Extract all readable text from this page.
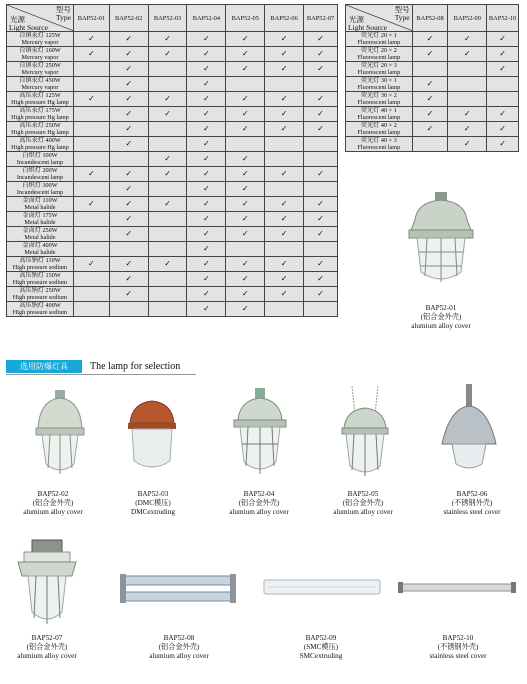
型号
Type
光源
Light Source	BAP52-01	BAP52-02	BAP52-03	BAP52-04	BAP52-05	BAP52-06	BAP52-07

自镇汞灯 125W
Mercury vapor	✓	✓	✓	✓	✓	✓	✓

自镇汞灯 160W
Mercury vapor	✓	✓	✓	✓	✓	✓	✓

自镇汞灯 250W
Mercury vapor		✓		✓	✓	✓	✓

自镇汞灯 450W
Mercury vapor		✓		✓			

高压汞灯 125W
High pressure Hg lamp	✓	✓	✓	✓	✓	✓	✓

高压汞灯 175W
High pressure Hg lamp		✓	✓	✓	✓	✓	✓

高压汞灯 250W
High pressure Hg lamp		✓		✓	✓	✓	✓

高压汞灯 400W
High pressure Hg lamp		✓		✓			

白炽灯 100W
Incandescent lamp			✓	✓	✓		

白炽灯 200W
Incandescent lamp	✓	✓	✓	✓	✓	✓	✓

白炽灯 300W
Incandescent lamp		✓		✓	✓		

金卤灯 110W
Metal halide	✓	✓	✓	✓	✓	✓	✓

金卤灯 175W
Metal halide		✓		✓	✓	✓	✓

金卤灯 250W
Metal halide		✓		✓	✓	✓	✓

金卤灯 400W
Metal halide				✓			

高压钠灯 110W
High pressure sodium	✓	✓	✓	✓	✓	✓	✓

高压钠灯 150W
High pressure sodium		✓		✓	✓	✓	✓

高压钠灯 250W
High pressure sodium		✓		✓	✓	✓	✓

高压钠灯 400W
High pressure sodium				✓	✓		
型号
Type
光源
Light Source	BAP52-08	BAP52-09	BAP52-10

荧光灯 20 × 1
Fluorescent lamp	✓	✓	✓

荧光灯 20 × 2
Fluorescent lamp	✓	✓	✓

荧光灯 20 × 3
Fluorescent lamp			✓

荧光灯 30 × 1
Fluorescent lamp	✓		

荧光灯 30 × 2
Fluorescent lamp	✓		

荧光灯 40 × 1
Fluorescent lamp	✓	✓	✓

荧光灯 40 × 2
Fluorescent lamp	✓	✓	✓

荧光灯 40 × 3
Fluorescent lamp		✓	✓
BAP52-01
(铝合金外壳)
alumium alloy cover
选用防爆灯具	The lamp for selection
BAP52-02
(铝合金外壳)
alumium alloy cover
BAP52-03
(DMC模压)
DMCextruding
BAP52-04
(铝合金外壳)
alumium alloy cover
BAP52-05
(铝合金外壳)
alumium alloy cover
BAP52-06
(不锈钢外壳)
stainless steel cover
BAP52-07
(铝合金外壳)
alumium alloy cover
BAP52-08
(铝合金外壳)
alumium alloy cover
BAP52-09
(SMC模压)
SMCextruding
BAP52-10
(不锈钢外壳)
stainless steel cover
